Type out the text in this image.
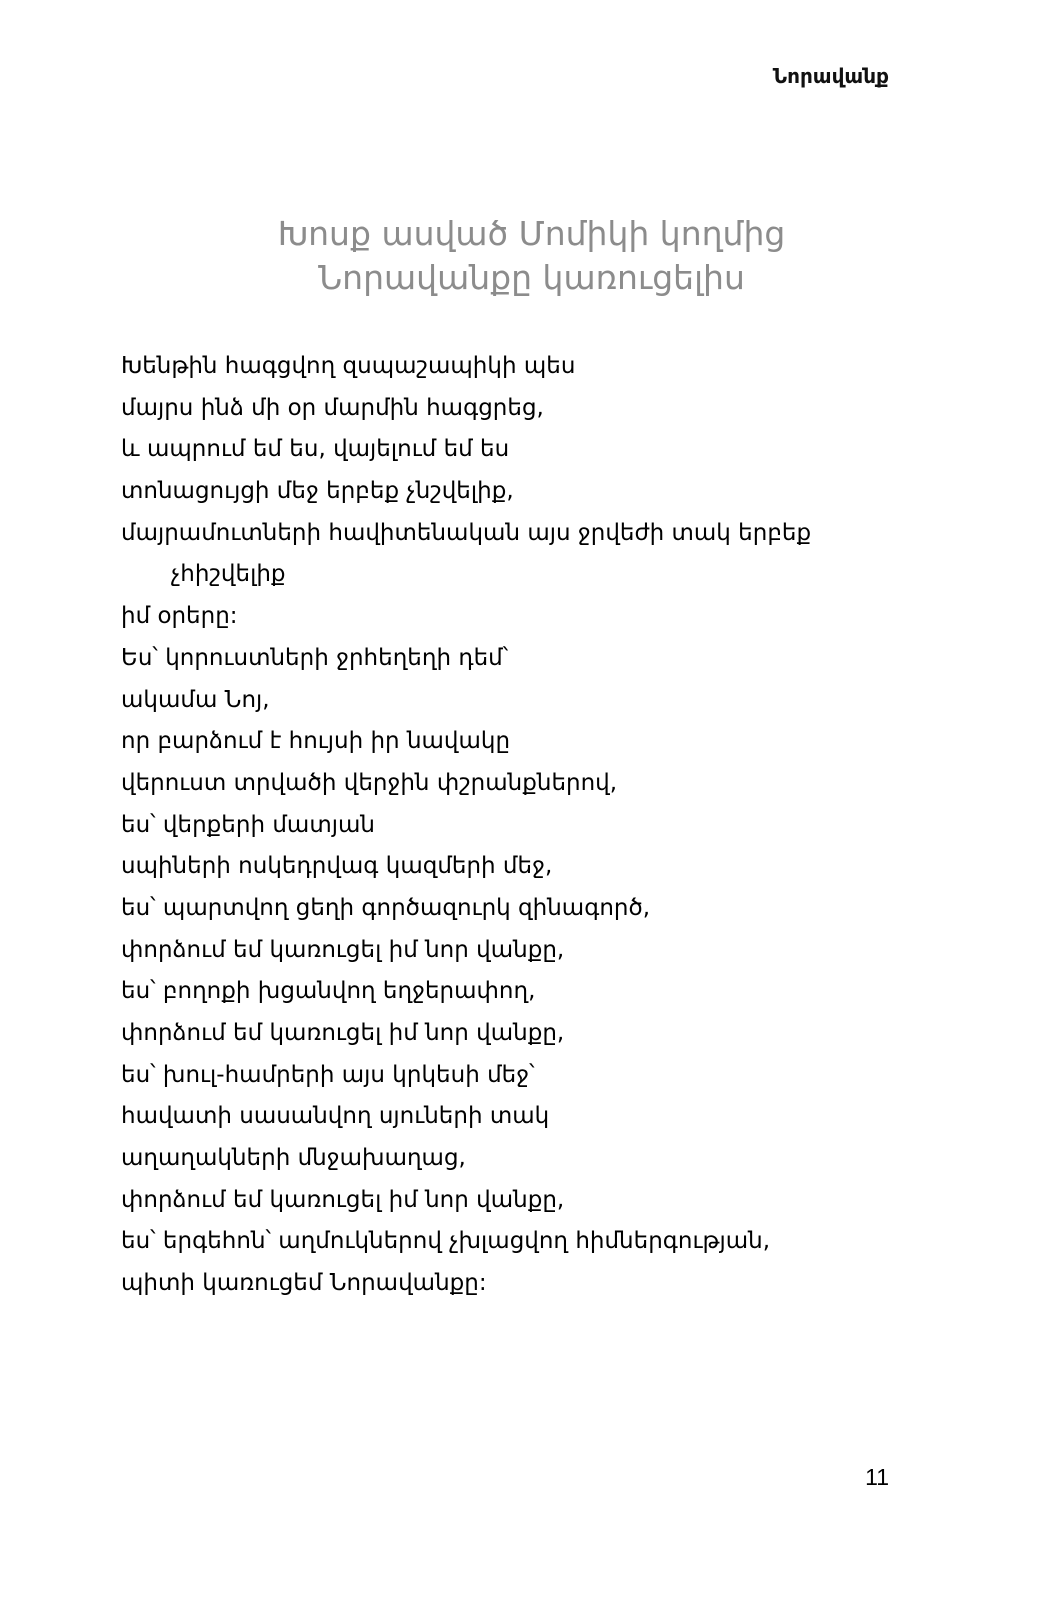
Նորավանք
Խոսք ասված Մոմիկի կողմից
Նորավանքը կառուցելիս
Խենթին հագցվող զսպաշապիկի պես
մայրս ինձ մի օր մարմին հագցրեց,
և ապրում եմ ես, վայելում եմ ես
տոնացույցի մեջ երբեք չնշվելիք,
մայրամուտների հավիտենական այս ջրվեժի տակ երբեք
չհիշվելիք
իմ օրերը:
Ես՝ կորուստների ջրհեղեղի դեմ՝
ակամա Նոյ,
որ բարձում է հույսի իր նավակը
վերուստ տրվածի վերջին փշրանքներով,
ես՝ վերքերի մատյան
սպիների ոսկեդրվագ կազմերի մեջ,
ես՝ պարտվող ցեղի գործազուրկ զինագործ,
փորձում եմ կառուցել իմ նոր վանքը,
ես՝ բողոքի խցանվող եղջերափող,
փորձում եմ կառուցել իմ նոր վանքը,
ես՝ խուլ-համրերի այս կրկեսի մեջ՝
հավատի սասանվող սյուների տակ
աղաղակների մնջախաղաց,
փորձում եմ կառուցել իմ նոր վանքը,
ես՝ երգեհոն՝ աղմուկներով չխլացվող հիմներգության,
պիտի կառուցեմ Նորավանքը:
11
